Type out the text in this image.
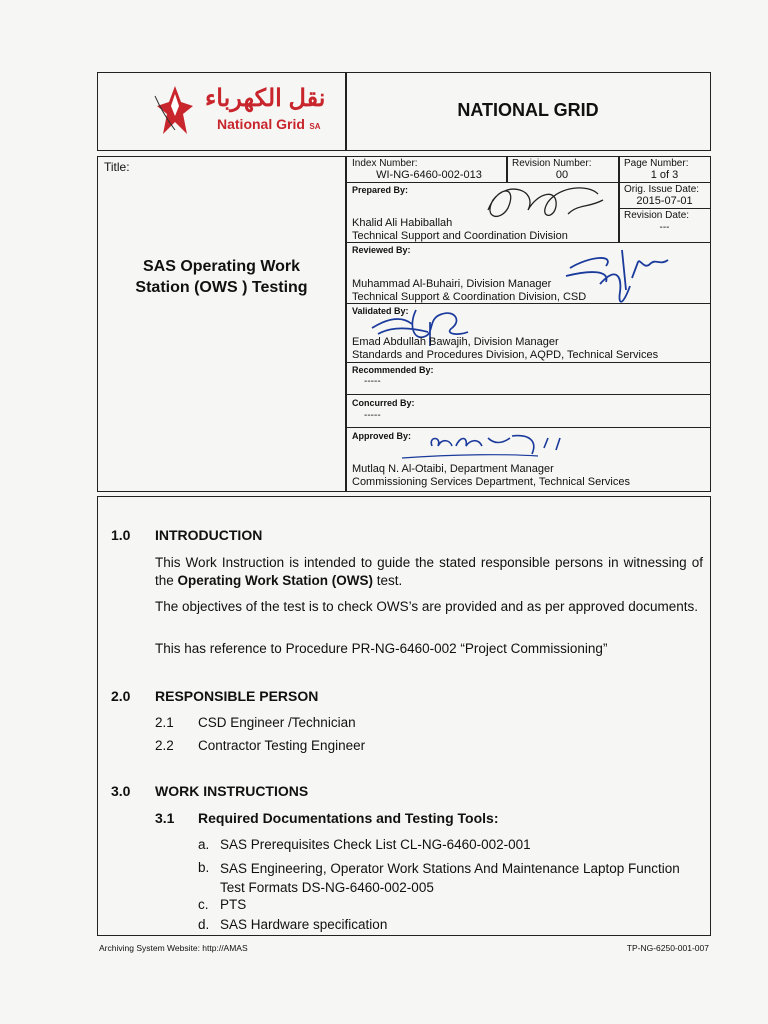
نقل الكهرباء
National Grid SA
NATIONAL GRID
Title:
SAS Operating Work
Station (OWS ) Testing
Index Number:
WI-NG-6460-002-013
Revision Number:
00
Page Number:
1 of 3
Prepared By:
Khalid Ali Habiballah
Technical Support and Coordination Division
Orig. Issue Date:
2015-07-01
Revision Date:
---
Reviewed By:
Muhammad Al-Buhairi, Division Manager
Technical Support & Coordination Division, CSD
Validated By:
Emad Abdullah Bawajih, Division Manager
Standards and Procedures Division, AQPD, Technical Services
Recommended By:
-----
Concurred By:
-----
Approved By:
Mutlaq N. Al-Otaibi, Department Manager
Commissioning Services Department, Technical Services
1.0 INTRODUCTION
This Work Instruction is intended to guide the stated responsible persons in witnessing of the Operating Work Station (OWS) test.
The objectives of the test is to check OWS’s are provided and as per approved documents.
This has reference to Procedure PR-NG-6460-002 “Project Commissioning”
2.0 RESPONSIBLE PERSON
2.1 CSD Engineer /Technician
2.2 Contractor Testing Engineer
3.0 WORK INSTRUCTIONS
3.1 Required Documentations and Testing Tools:
a. SAS Prerequisites Check List CL-NG-6460-002-001
b. SAS Engineering, Operator Work Stations And Maintenance Laptop Function Test Formats DS-NG-6460-002-005
c. PTS
d. SAS Hardware specification
Archiving System Website: http://AMAS	TP-NG-6250-001-007
